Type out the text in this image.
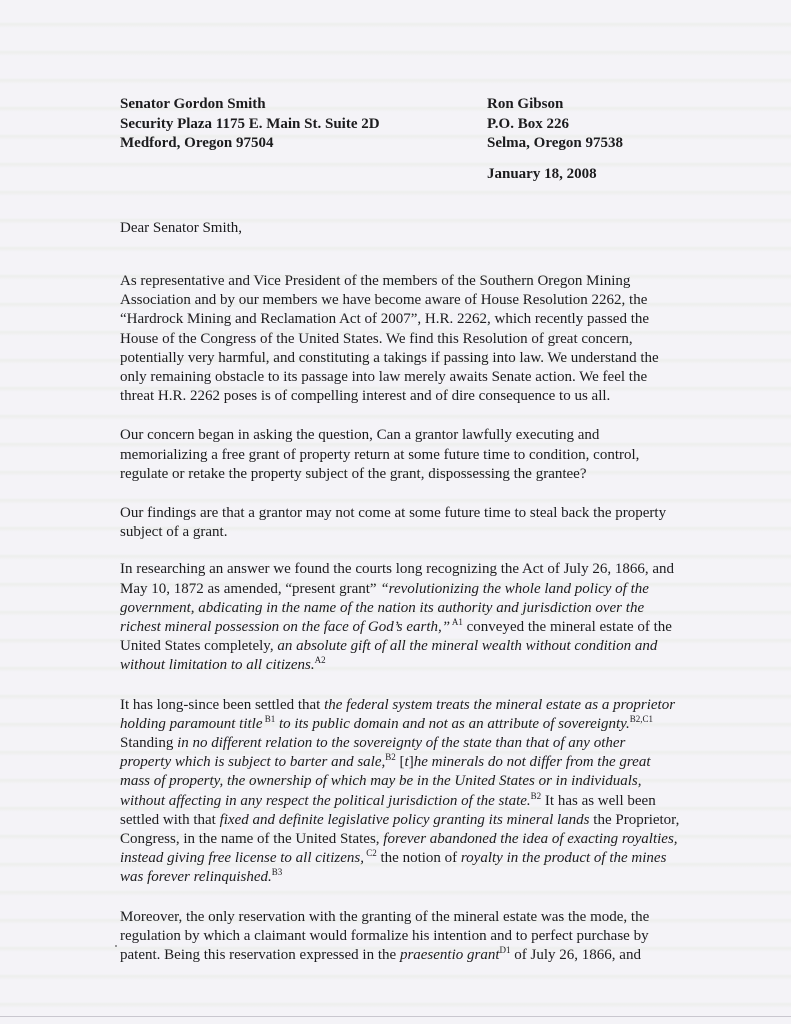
Senator Gordon Smith
Security Plaza 1175 E. Main St. Suite 2D
Medford, Oregon 97504
Ron Gibson
P.O. Box 226
Selma, Oregon 97538
January 18, 2008
Dear Senator Smith,

As representative and Vice President of the members of the Southern Oregon Mining Association and by our members we have become aware of House Resolution 2262, the “Hardrock Mining and Reclamation Act of 2007”, H.R. 2262, which recently passed the House of the Congress of the United States. We find this Resolution of great concern, potentially very harmful, and constituting a takings if passing into law. We understand the only remaining obstacle to its passage into law merely awaits Senate action. We feel the threat H.R. 2262 poses is of compelling interest and of dire consequence to us all.

Our concern began in asking the question, Can a grantor lawfully executing and memorializing a free grant of property return at some future time to condition, control, regulate or retake the property subject of the grant, dispossessing the grantee?

Our findings are that a grantor may not come at some future time to steal back the property subject of a grant.

In researching an answer we found the courts long recognizing the Act of July 26, 1866, and May 10, 1872 as amended, “present grant” “revolutionizing the whole land policy of the government, abdicating in the name of the nation its authority and jurisdiction over the richest mineral possession on the face of God’s earth,” $^{A1}$ conveyed the mineral estate of the United States completely, an absolute gift of all the mineral wealth without condition and without limitation to all citizens.$^{A2}$

It has long-since been settled that the federal system treats the mineral estate as a proprietor holding paramount title $^{B1}$ to its public domain and not as an attribute of sovereignty.$^{B2,C1}$ Standing in no different relation to the sovereignty of the state than that of any other property which is subject to barter and sale,$^{B2}$ [t]he minerals do not differ from the great mass of property, the ownership of which may be in the United States or in individuals, without affecting in any respect the political jurisdiction of the state.$^{B2}$ It has as well been settled with that fixed and definite legislative policy granting its mineral lands the Proprietor, Congress, in the name of the United States, forever abandoned the idea of exacting royalties, instead giving free license to all citizens, $^{C2}$ the notion of royalty in the product of the mines was forever relinquished.$^{B3}$

Moreover, the only reservation with the granting of the mineral estate was the mode, the regulation by which a claimant would formalize his intention and to perfect purchase by patent. Being this reservation expressed in the praesentio grant$^{D1}$ of July 26, 1866, and
